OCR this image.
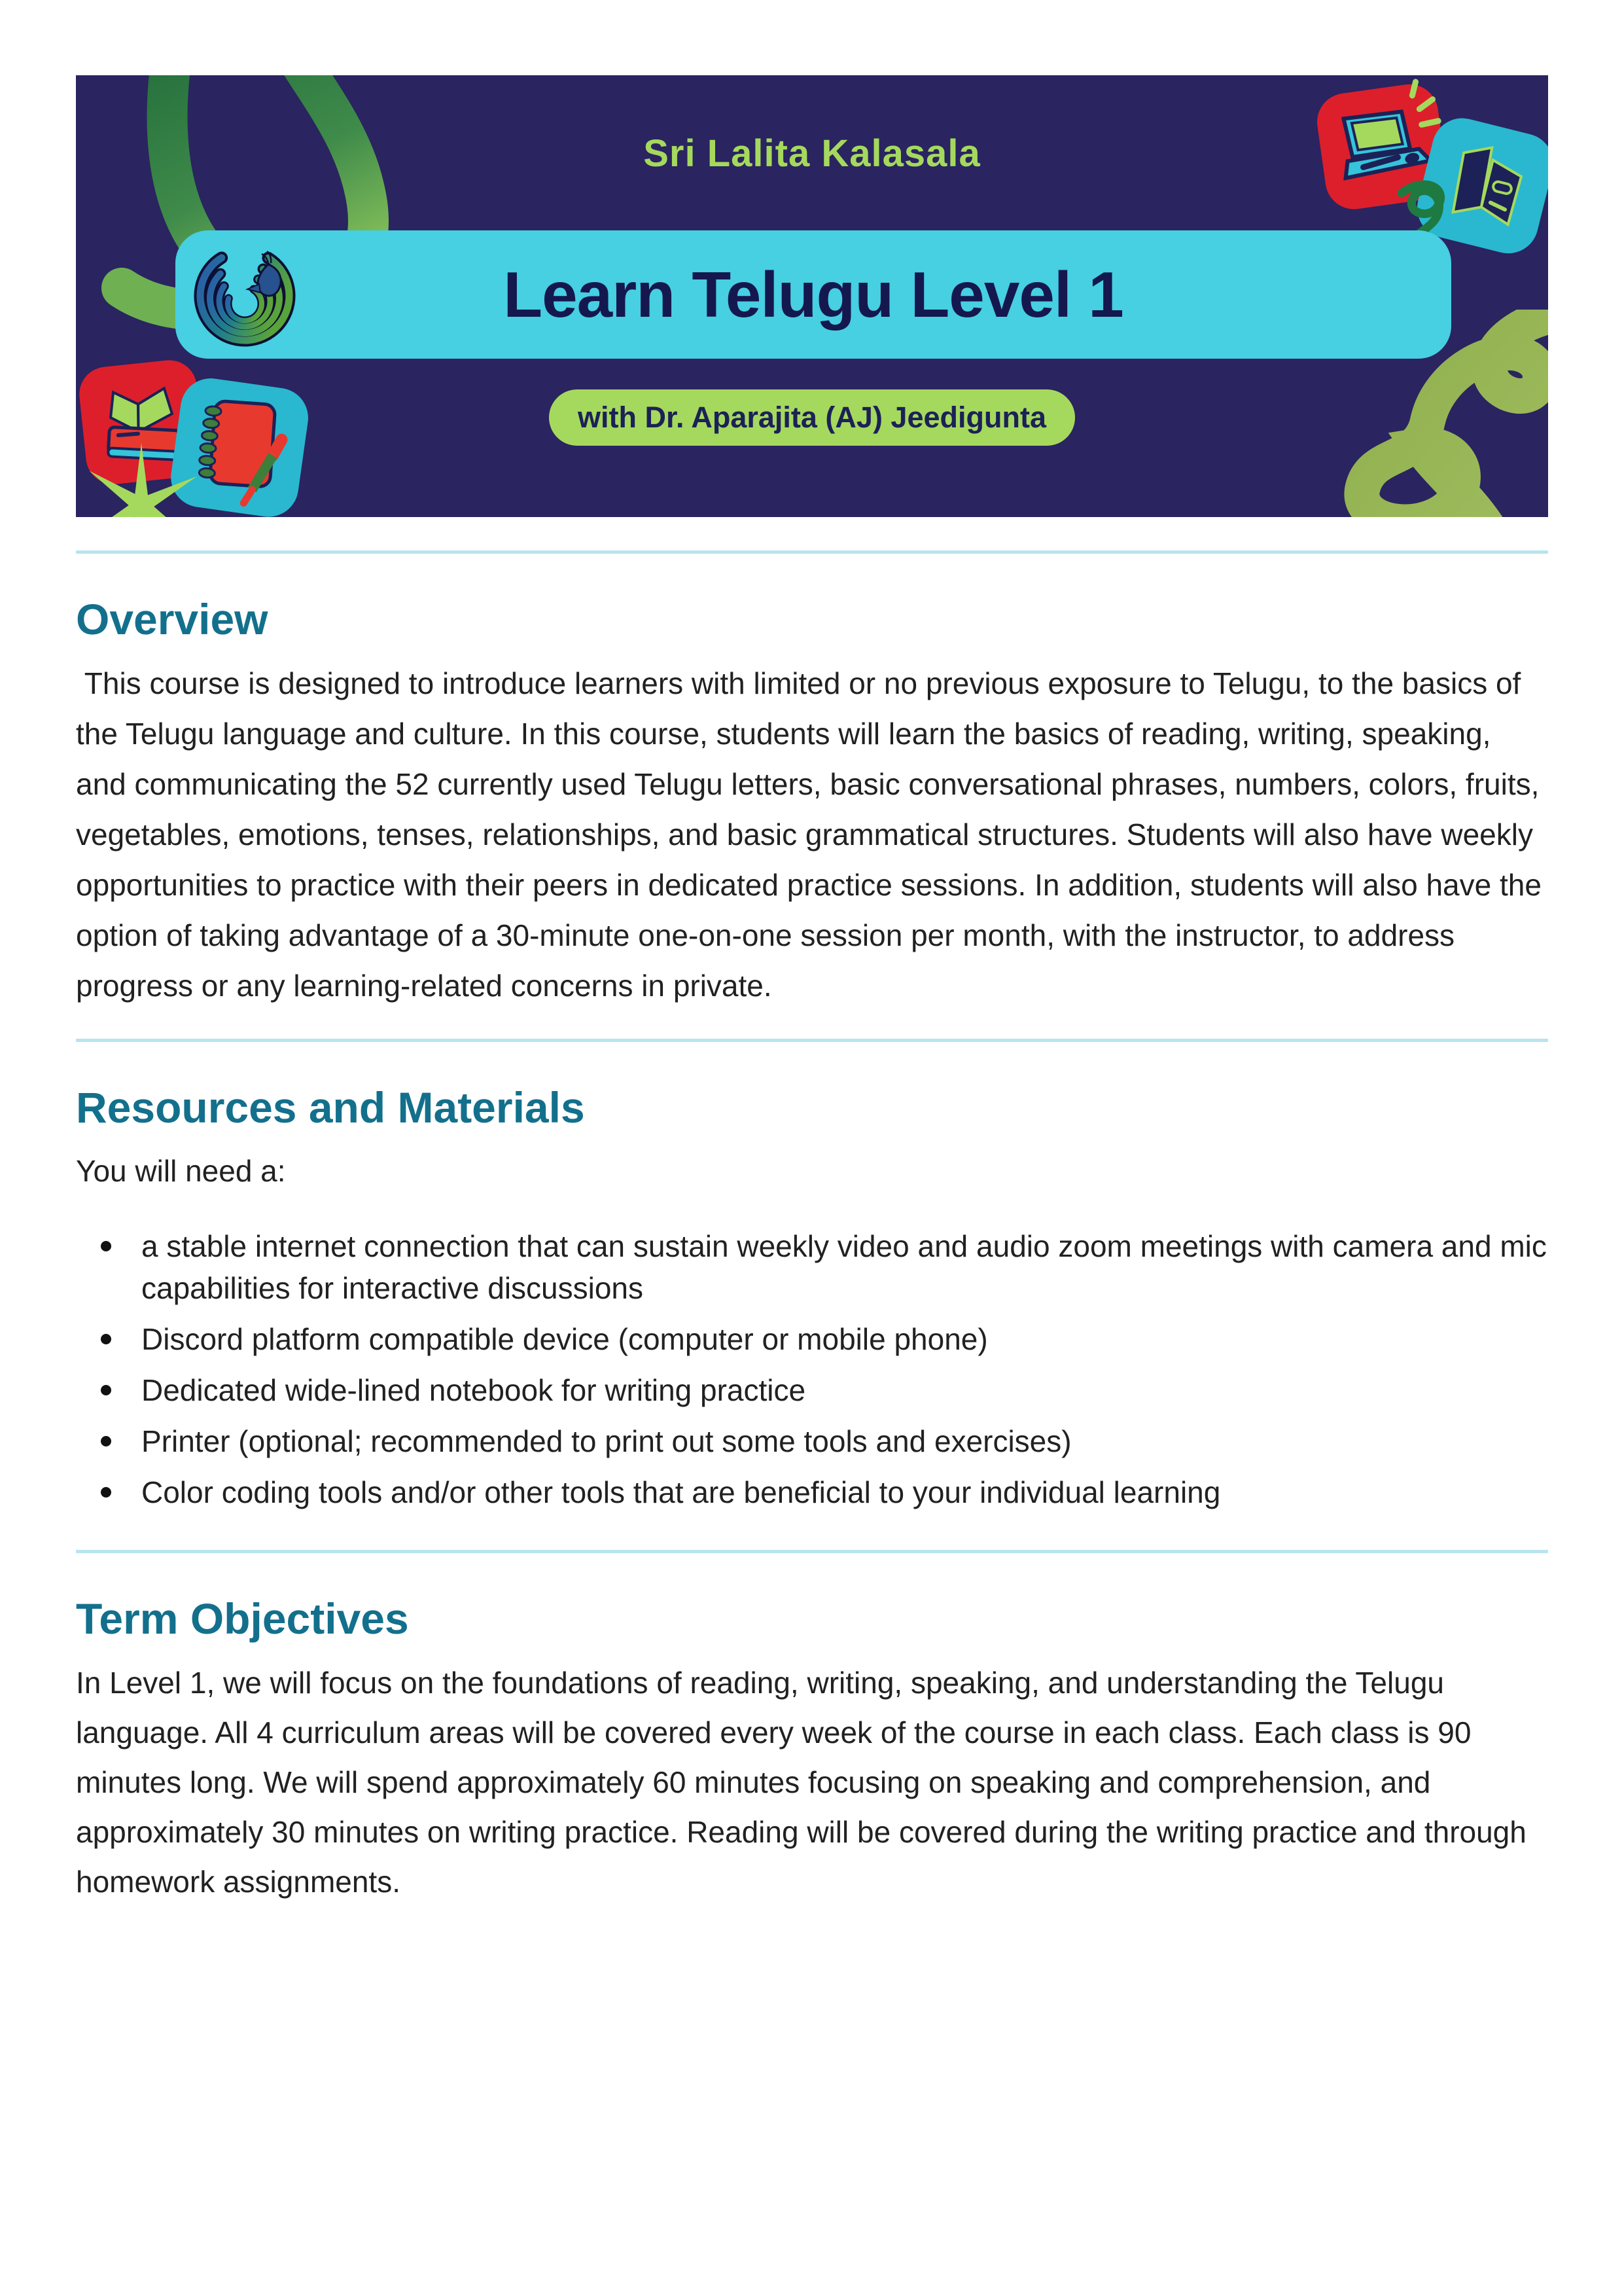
Sri Lalita Kalasala
Learn Telugu Level 1
with Dr. Aparajita (AJ) Jeedigunta
Overview

This course is designed to introduce learners with limited or no previous exposure to Telugu, to the basics of the Telugu language and culture. In this course, students will learn the basics of reading, writing, speaking, and communicating the 52 currently used Telugu letters, basic conversational phrases, numbers, colors, fruits, vegetables, emotions, tenses, relationships, and basic grammatical structures. Students will also have weekly opportunities to practice with their peers in dedicated practice sessions. In addition, students will also have the option of taking advantage of a 30-minute one-on-one session per month, with the instructor, to address progress or any learning-related concerns in private.

Resources and Materials

You will need a:

a stable internet connection that can sustain weekly video and audio zoom meetings with camera and mic capabilities for interactive discussions
Discord platform compatible device (computer or mobile phone)
Dedicated wide-lined notebook for writing practice
Printer (optional; recommended to print out some tools and exercises)
Color coding tools and/or other tools that are beneficial to your individual learning
Term Objectives

In Level 1, we will focus on the foundations of reading, writing, speaking, and understanding the Telugu language. All 4 curriculum areas will be covered every week of the course in each class. Each class is 90 minutes long. We will spend approximately 60 minutes focusing on speaking and comprehension, and approximately 30 minutes on writing practice. Reading will be covered during the writing practice and through homework assignments.
